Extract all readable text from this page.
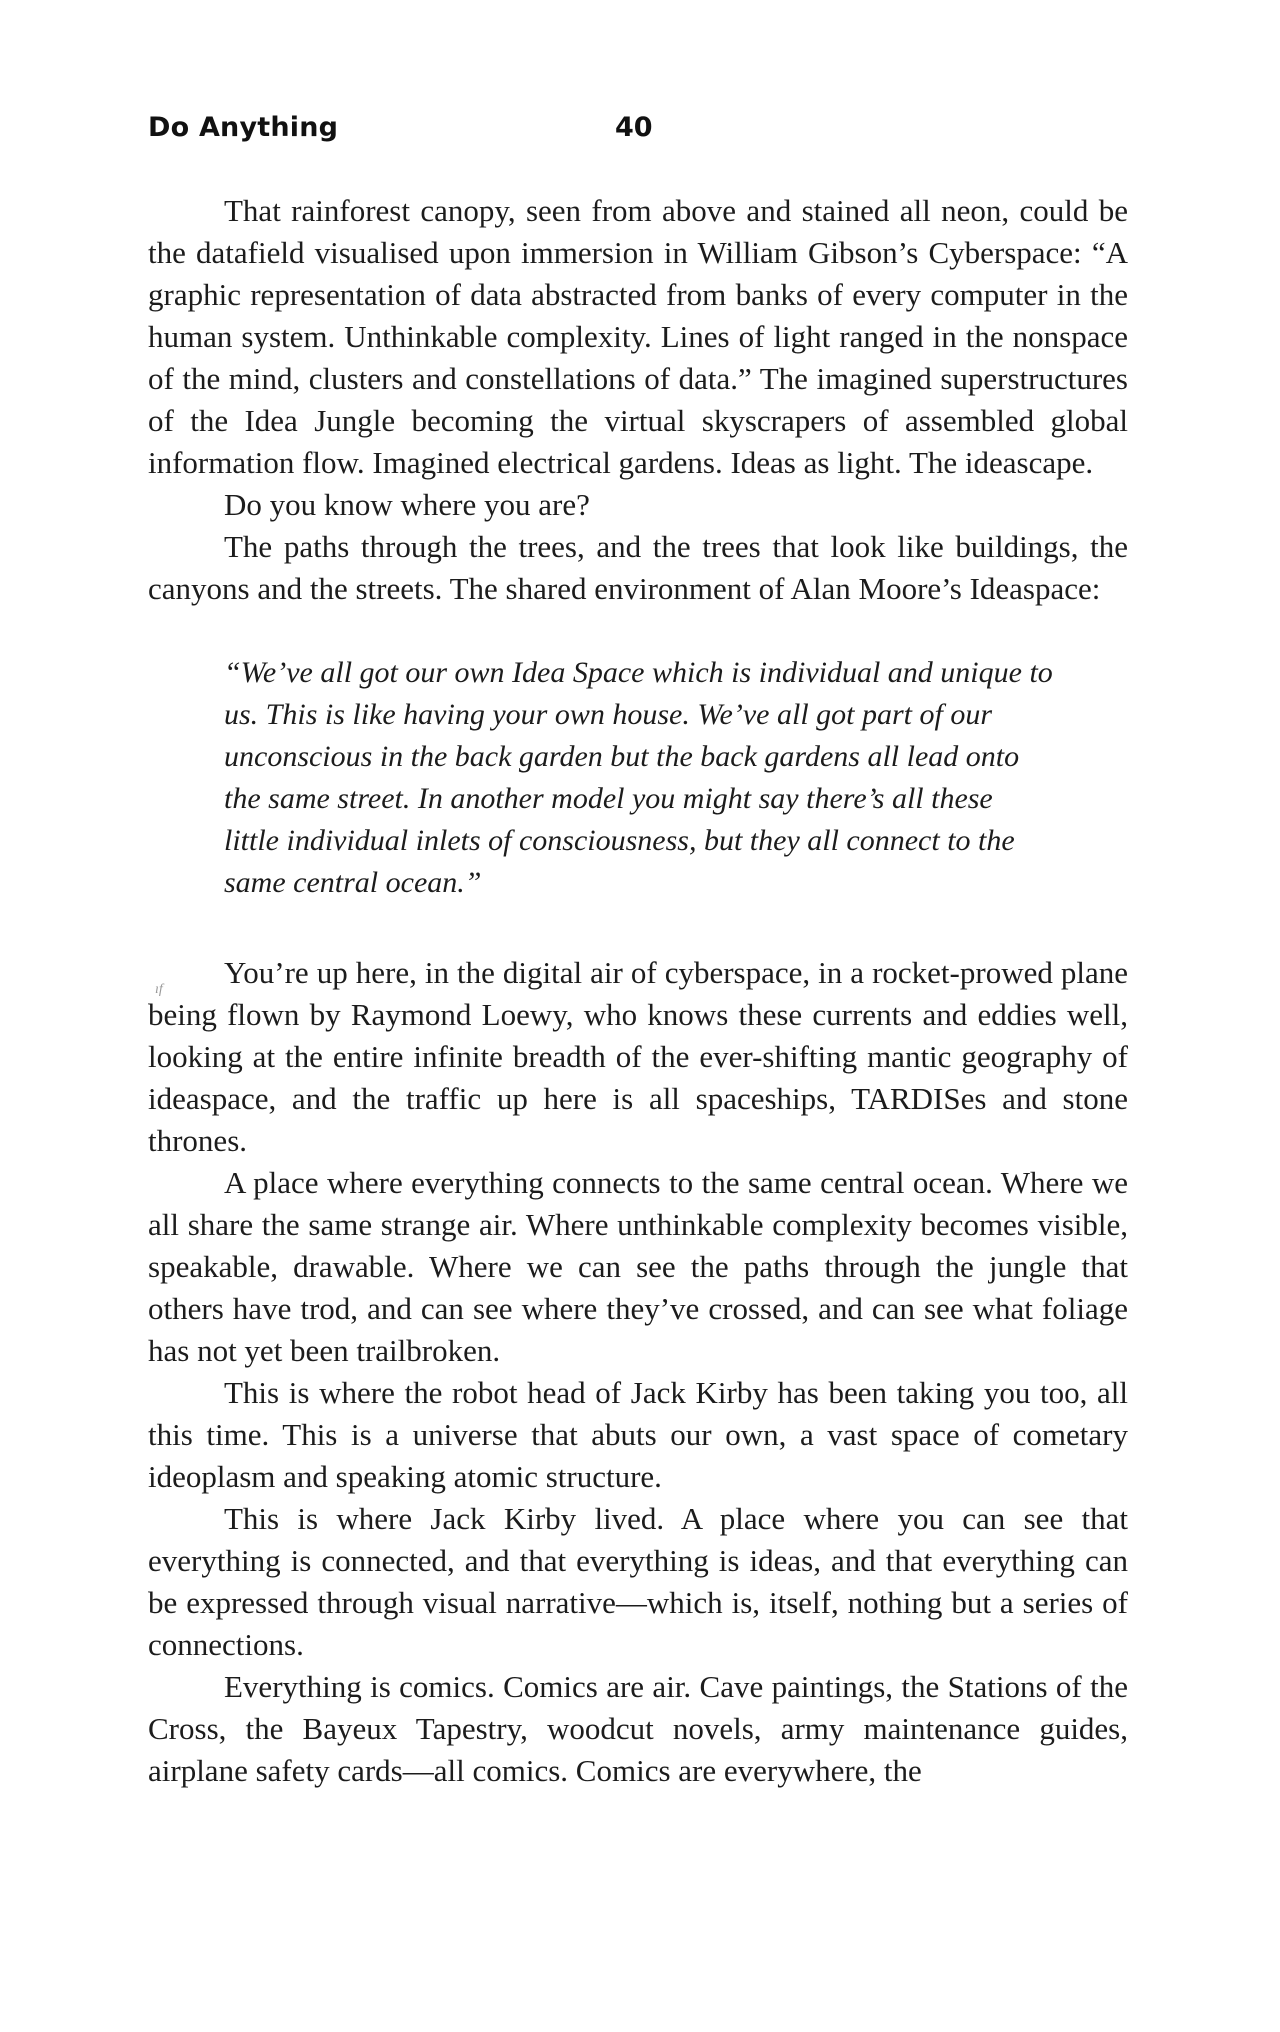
Do Anything	40
ıf

That rainforest canopy, seen from above and stained all neon, could be the datafield visualised upon immersion in William Gibson’s Cyberspace: “A graphic representation of data abstracted from banks of every computer in the human system. Unthinkable complexity. Lines of light ranged in the nonspace of the mind, clusters and constellations of data.” The imagined superstructures of the Idea Jungle becoming the virtual skyscrapers of assembled global information flow. Imagined electrical gardens. Ideas as light. The ideascape.

Do you know where you are?

The paths through the trees, and the trees that look like buildings, the canyons and the streets. The shared environment of Alan Moore’s Ideaspace:

“We’ve all got our own Idea Space which is individual and unique to us. This is like having your own house. We’ve all got part of our unconscious in the back garden but the back gardens all lead onto the same street. In another model you might say there’s all these little individual inlets of consciousness, but they all connect to the same central ocean.”

You’re up here, in the digital air of cyberspace, in a rocket-prowed plane being flown by Raymond Loewy, who knows these currents and eddies well, looking at the entire infinite breadth of the ever-shifting mantic geography of ideaspace, and the traffic up here is all spaceships, TARDISes and stone thrones.

A place where everything connects to the same central ocean. Where we all share the same strange air. Where unthinkable complexity becomes visible, speakable, drawable. Where we can see the paths through the jungle that others have trod, and can see where they’ve crossed, and can see what foliage has not yet been trailbroken.

This is where the robot head of Jack Kirby has been taking you too, all this time. This is a universe that abuts our own, a vast space of cometary ideoplasm and speaking atomic structure.

This is where Jack Kirby lived. A place where you can see that everything is connected, and that everything is ideas, and that everything can be expressed through visual narrative—which is, itself, nothing but a series of connections.

Everything is comics. Comics are air. Cave paintings, the Stations of the Cross, the Bayeux Tapestry, woodcut novels, army maintenance guides, airplane safety cards—all comics. Comics are everywhere, the
